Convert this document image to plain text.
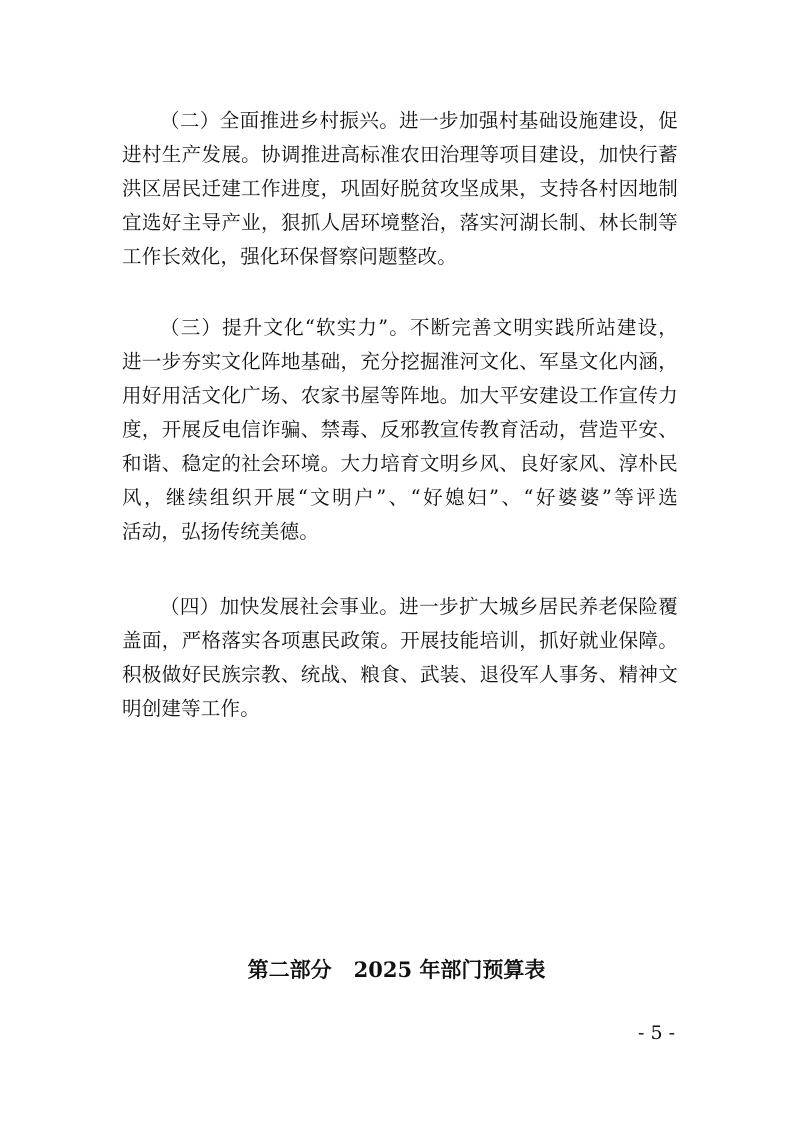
（二）全面推进乡村振兴。进一步加强村基础设施建设，促
进村生产发展。协调推进高标准农田治理等项目建设，加快行蓄
洪区居民迁建工作进度，巩固好脱贫攻坚成果，支持各村因地制
宜选好主导产业，狠抓人居环境整治，落实河湖长制、林长制等
工作长效化，强化环保督察问题整改。
（三）提升文化“软实力”。不断完善文明实践所站建设，
进一步夯实文化阵地基础，充分挖掘淮河文化、军垦文化内涵，
用好用活文化广场、农家书屋等阵地。加大平安建设工作宣传力
度，开展反电信诈骗、禁毒、反邪教宣传教育活动，营造平安、
和谐、稳定的社会环境。大力培育文明乡风、良好家风、淳朴民
风，继续组织开展“文明户”、“好媳妇”、“好婆婆”等评选
活动，弘扬传统美德。
（四）加快发展社会事业。进一步扩大城乡居民养老保险覆
盖面，严格落实各项惠民政策。开展技能培训，抓好就业保障。
积极做好民族宗教、统战、粮食、武装、退役军人事务、精神文
明创建等工作。
第二部分 2025 年部门预算表
- 5 -
